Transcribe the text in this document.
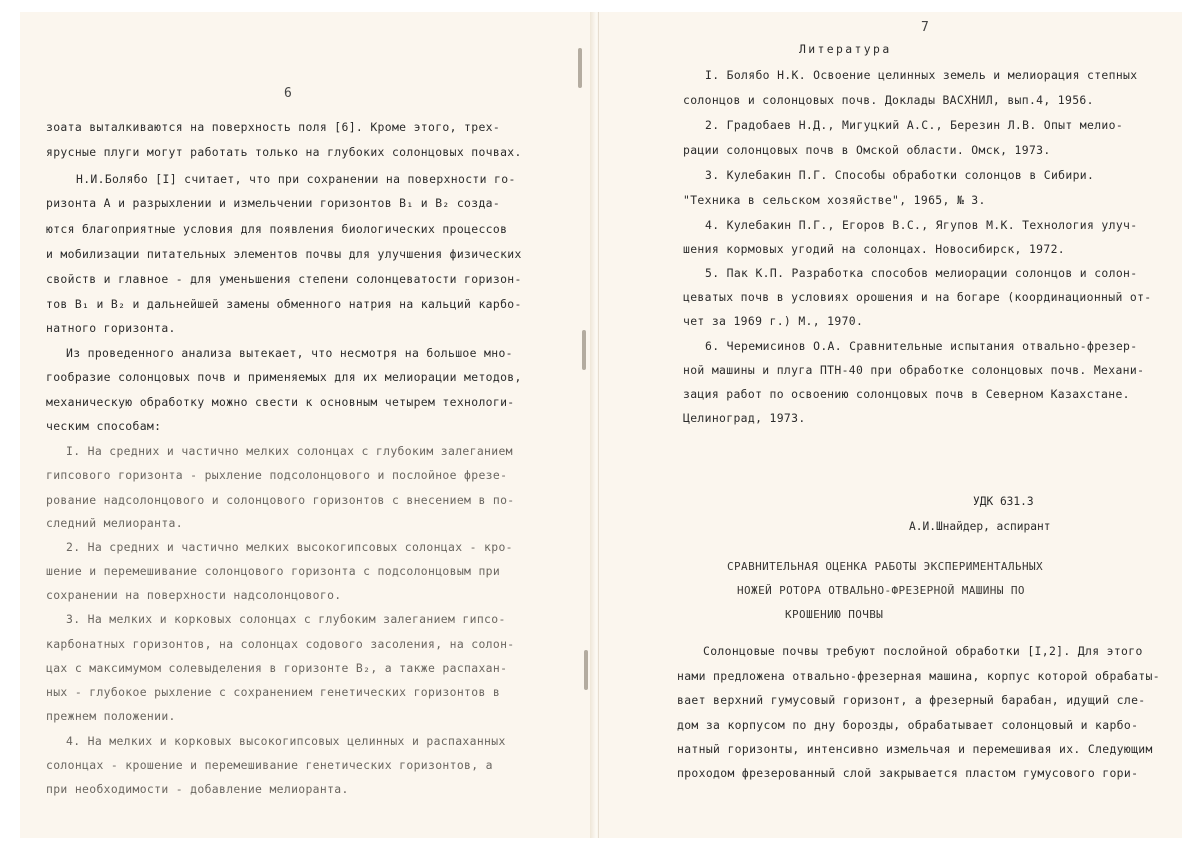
6
зоата выталкиваются на поверхность поля [6]. Кроме этого, трех-
ярусные плуги могут работать только на глубоких солонцовых почвах.
Н.И.Болябо [I] считает, что при сохранении на поверхности го-
ризонта А и разрыхлении и измельчении горизонтов B₁ и B₂ созда-
ются благоприятные условия для появления биологических процессов
и мобилизации питательных элементов почвы для улучшения физических
свойств и главное - для уменьшения степени солонцеватости горизон-
тов B₁ и B₂ и дальнейшей замены обменного натрия на кальций карбо-
натного горизонта.
Из проведенного анализа вытекает, что несмотря на большое мно-
гообразие солонцовых почв и применяемых для их мелиорации методов,
механическую обработку можно свести к основным четырем технологи-
ческим способам:
I. На средних и частично мелких солонцах с глубоким залеганием
гипсового горизонта - рыхление подсолонцового и послойное фрезе-
рование надсолонцового и солонцового горизонтов с внесением в по-
следний мелиоранта.
2. На средних и частично мелких высокогипсовых солонцах - кро-
шение и перемешивание солонцового горизонта с подсолонцовым при
сохранении на поверхности надсолонцового.
3. На мелких и корковых солонцах с глубоким залеганием гипсо-
карбонатных горизонтов, на солонцах содового засоления, на солон-
цах с максимумом солевыделения в горизонте B₂, а также распахан-
ных - глубокое рыхление с сохранением генетических горизонтов в
прежнем положении.
4. На мелких и корковых высокогипсовых целинных и распаханных
солонцах - крошение и перемешивание генетических горизонтов, а
при необходимости - добавление мелиоранта.
7
Литература
I. Болябо Н.К. Освоение целинных земель и мелиорация степных
солонцов и солонцовых почв. Доклады ВАСХНИЛ, вып.4, 1956.
2. Градобаев Н.Д., Мигуцкий А.С., Березин Л.В. Опыт мелио-
рации солонцовых почв в Омской области. Омск, 1973.
3. Кулебакин П.Г. Способы обработки солонцов в Сибири.
"Техника в сельском хозяйстве", 1965, № 3.
4. Кулебакин П.Г., Егоров В.С., Ягупов М.К. Технология улуч-
шения кормовых угодий на солонцах. Новосибирск, 1972.
5. Пак К.П. Разработка способов мелиорации солонцов и солон-
цеватых почв в условиях орошения и на богаре (координационный от-
чет за 1969 г.) М., 1970.
6. Черемисинов О.А. Сравнительные испытания отвально-фрезер-
ной машины и плуга ПТН-40 при обработке солонцовых почв. Механи-
зация работ по освоению солонцовых почв в Северном Казахстане.
Целиноград, 1973.
УДК 631.3
А.И.Шнайдер, аспирант
СРАВНИТЕЛЬНАЯ ОЦЕНКА РАБОТЫ ЭКСПЕРИМЕНТАЛЬНЫХ
НОЖЕЙ РОТОРА ОТВАЛЬНО-ФРЕЗЕРНОЙ МАШИНЫ ПО
КРОШЕНИЮ ПОЧВЫ
Солонцовые почвы требуют послойной обработки [I,2]. Для этого
нами предложена отвально-фрезерная машина, корпус которой обрабаты-
вает верхний гумусовый горизонт, а фрезерный барабан, идущий сле-
дом за корпусом по дну борозды, обрабатывает солонцовый и карбо-
натный горизонты, интенсивно измельчая и перемешивая их. Следующим
проходом фрезерованный слой закрывается пластом гумусового гори-
